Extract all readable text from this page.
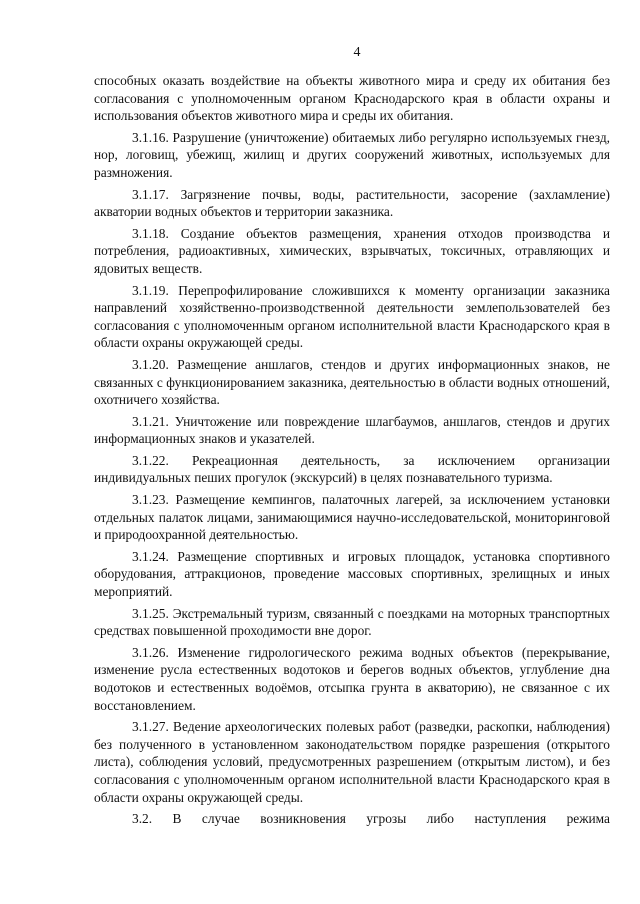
4

способных оказать воздействие на объекты животного мира и среду их обитания без согласования с уполномоченным органом Краснодарского края в области охраны и использования объектов животного мира и среды их обитания.

3.1.16. Разрушение (уничтожение) обитаемых либо регулярно используемых гнезд, нор, логовищ, убежищ, жилищ и других сооружений животных, используемых для размножения.

3.1.17. Загрязнение почвы, воды, растительности, засорение (захламление) акватории водных объектов и территории заказника.

3.1.18. Создание объектов размещения, хранения отходов производства и потребления, радиоактивных, химических, взрывчатых, токсичных, отравляющих и ядовитых веществ.

3.1.19. Перепрофилирование сложившихся к моменту организации заказника направлений хозяйственно-производственной деятельности землепользователей без согласования с уполномоченным органом исполнительной власти Краснодарского края в области охраны окружающей среды.

3.1.20. Размещение аншлагов, стендов и других информационных знаков, не связанных с функционированием заказника, деятельностью в области водных отношений, охотничего хозяйства.

3.1.21. Уничтожение или повреждение шлагбаумов, аншлагов, стендов и других информационных знаков и указателей.

3.1.22. Рекреационная деятельность, за исключением организации индивидуальных пеших прогулок (экскурсий) в целях познавательного туризма.

3.1.23. Размещение кемпингов, палаточных лагерей, за исключением установки отдельных палаток лицами, занимающимися научно-исследовательской, мониторинговой и природоохранной деятельностью.

3.1.24. Размещение спортивных и игровых площадок, установка спортивного оборудования, аттракционов, проведение массовых спортивных, зрелищных и иных мероприятий.

3.1.25. Экстремальный туризм, связанный с поездками на моторных транспортных средствах повышенной проходимости вне дорог.

3.1.26. Изменение гидрологического режима водных объектов (перекрывание, изменение русла естественных водотоков и берегов водных объектов, углубление дна водотоков и естественных водоёмов, отсыпка грунта в акваторию), не связанное с их восстановлением.

3.1.27. Ведение археологических полевых работ (разведки, раскопки, наблюдения) без полученного в установленном законодательством порядке разрешения (открытого листа), соблюдения условий, предусмотренных разрешением (открытым листом), и без согласования с уполномоченным органом исполнительной власти Краснодарского края в области охраны окружающей среды.

3.2. В случае возникновения угрозы либо наступления режима
